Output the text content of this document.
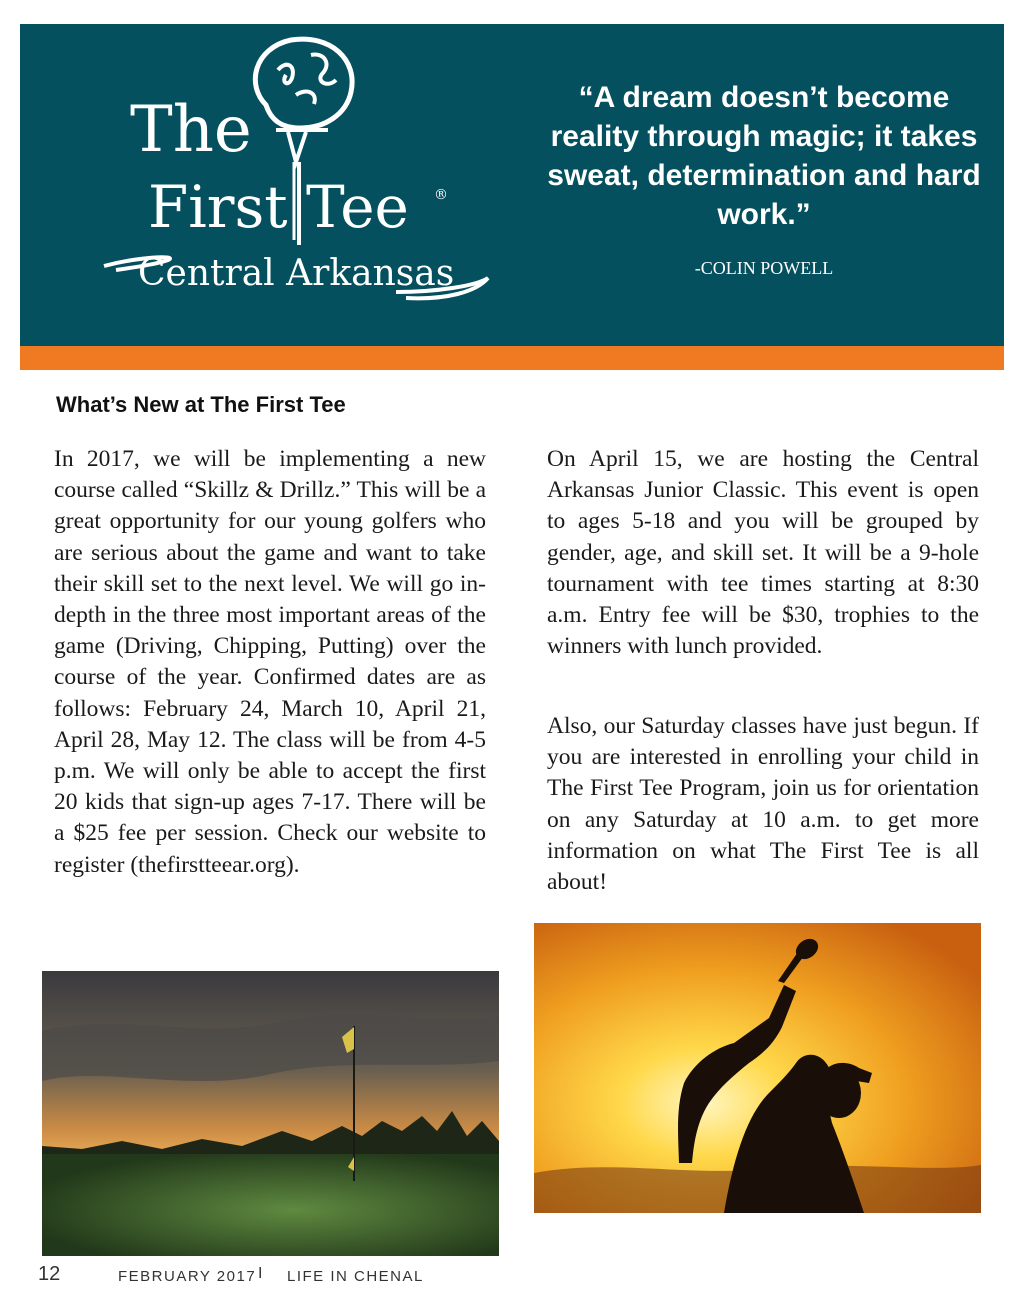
The
First Tee ®
Central Arkansas
“A dream doesn’t become reality through magic; it takes sweat, determination and hard work.”
-COLIN POWELL
What’s New at The First Tee

In 2017, we will be implementing a new course called “Skillz & Drillz.” This will be a great opportunity for our young golfers who are serious about the game and want to take their skill set to the next level. We will go in-depth in the three most important areas of the game (Driving, Chipping, Putting) over the course of the year. Confirmed dates are as follows: February 24, March 10, April 21, April 28, May 12. The class will be from 4-5 p.m. We will only be able to accept the first 20 kids that sign-up ages 7-17. There will be a $25 fee per session. Check our website to register (thefirstteear.org).

On April 15, we are hosting the Central Arkansas Junior Classic. This event is open to ages 5-18 and you will be grouped by gender, age, and skill set. It will be a 9-hole tournament with tee times starting at 8:30 a.m. Entry fee will be $30, trophies to the winners with lunch provided.

Also, our Saturday classes have just begun. If you are interested in enrolling your child in The First Tee Program, join us for orientation on any Saturday at 10 a.m. to get more information on what The First Tee is all about!

12	FEBRUARY 2017 I LIFE IN CHENAL
